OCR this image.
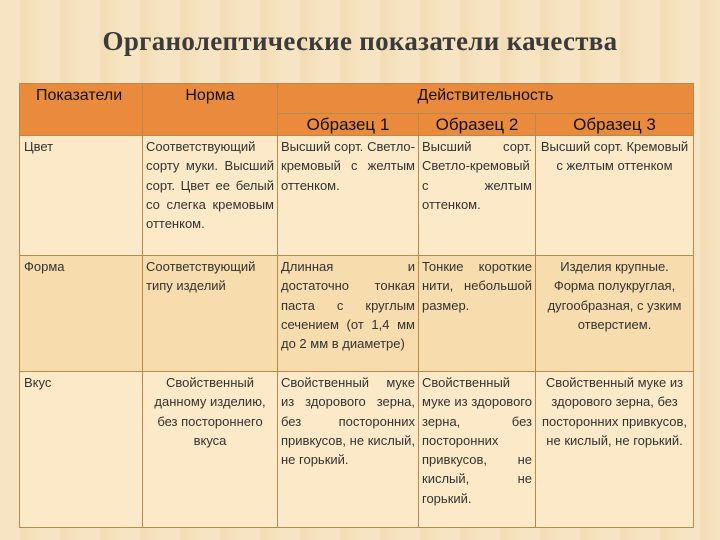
Органолептические показатели качества
Показатели	Норма	Действительность		
		Образец 1	Образец 2	Образец 3
Цвет	Соответствующий сорту муки. Высший сорт. Цвет ее белый со слегка кремовым оттенком.	Высший сорт. Светло-кремовый с желтым оттенком.	Высший сорт. Светло-кремовый с желтым оттенком.	Высший сорт. Кремовый с желтым оттенком
Форма	Соответствующий типу изделий	Длинная и достаточно тонкая паста с круглым сечением (от 1,4 мм до 2 мм в диаметре)	Тонкие короткие нити, небольшой размер.	Изделия крупные. Форма полукруглая, дугообразная, с узким отверстием.
Вкус	Свойственный данному изделию, без постороннего вкуса	Свойственный муке из здорового зерна, без посторонних привкусов, не кислый, не горький.	Свойственный муке из здорового зерна, без посторонних привкусов, не кислый, не горький.	Свойственный муке из здорового зерна, без посторонних привкусов, не кислый, не горький.
